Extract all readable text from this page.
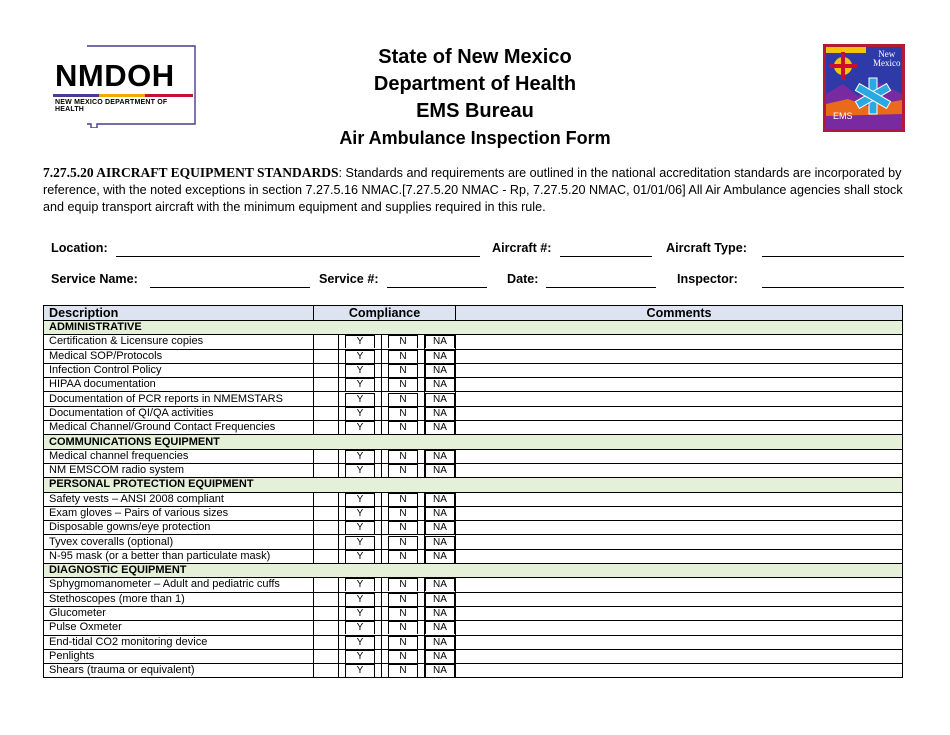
NMDOH
NEW MEXICO DEPARTMENT OF HEALTH
State of New Mexico
Department of Health
EMS Bureau
Air Ambulance Inspection Form
New
Mexico
EMS
7.27.5.20 AIRCRAFT EQUIPMENT STANDARDS: Standards and requirements are outlined in the national accreditation standards are incorporated by reference, with the noted exceptions in section 7.27.5.16 NMAC.[7.27.5.20 NMAC - Rp, 7.27.5.20 NMAC, 01/01/06] All Air Ambulance agencies shall stock and equip transport aircraft with the minimum equipment and supplies required in this rule.
Location:	Aircraft #:	Aircraft Type:
Service Name:	Service #:	Date:	Inspector:
Description	Compliance				Comments
ADMINISTRATIVE					
Certification & Licensure copies		Y	N	NA	
Medical SOP/Protocols		Y	N	NA	
Infection Control Policy		Y	N	NA	
HIPAA documentation		Y	N	NA	
Documentation of PCR reports in NMEMSTARS		Y	N	NA	
Documentation of QI/QA activities		Y	N	NA	
Medical Channel/Ground Contact Frequencies		Y	N	NA	
COMMUNICATIONS EQUIPMENT					
Medical channel frequencies		Y	N	NA	
NM EMSCOM radio system		Y	N	NA	
PERSONAL PROTECTION EQUIPMENT					
Safety vests – ANSI 2008 compliant		Y	N	NA	
Exam gloves – Pairs of various sizes		Y	N	NA	
Disposable gowns/eye protection		Y	N	NA	
Tyvex coveralls (optional)		Y	N	NA	
N-95 mask (or a better than particulate mask)		Y	N	NA	
DIAGNOSTIC EQUIPMENT					
Sphygmomanometer – Adult and pediatric cuffs		Y	N	NA	
Stethoscopes (more than 1)		Y	N	NA	
Glucometer		Y	N	NA	
Pulse Oxmeter		Y	N	NA	
End-tidal CO2 monitoring device		Y	N	NA	
Penlights		Y	N	NA	
Shears (trauma or equivalent)		Y	N	NA	
